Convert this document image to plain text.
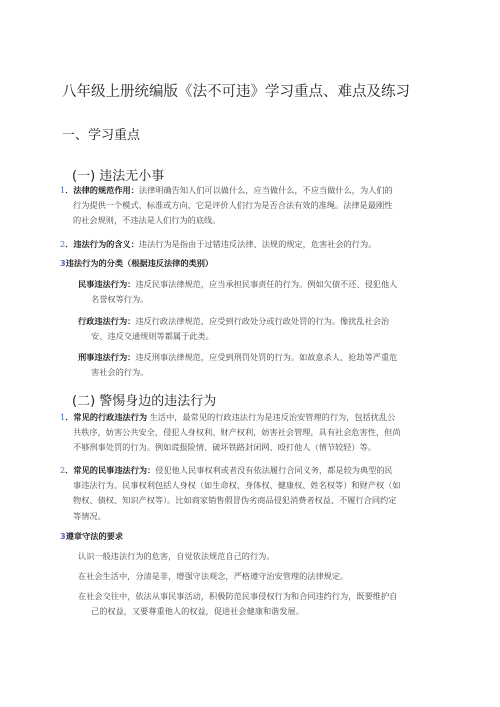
八年级上册统编版《法不可违》学习重点、难点及练习
一、学习重点
(一) 违法无小事
1．法律的规范作用：法律明确告知人们可以做什么，应当做什么，不应当做什么，为人们的
行为提供一个模式、标准或方向，它是评价人们行为是否合法有效的准绳。法律是最刚性
的社会规则，不违法是人们行为的底线。
2．违法行为的含义：违法行为是指由于过错违反法律、法规的规定，危害社会的行为。
3违法行为的分类（根据违反法律的类别）
民事违法行为：违反民事法律规范，应当承担民事责任的行为。例如欠债不还、侵犯他人
名誉权等行为。
行政违法行为：违反行政法律规范，应受到行政处分或行政处罚的行为。像扰乱社会治
安、违反交通规则等都属于此类。
刑事违法行为：违反刑事法律规范，应受到刑罚处罚的行为。如故意杀人、抢劫等严重危
害社会的行为。
(二) 警惕身边的违法行为
1．常见的行政违法行为 生活中，最常见的行政违法行为是违反治安管理的行为，包括扰乱公
共秩序，妨害公共安全，侵犯人身权利、财产权利，妨害社会管理，具有社会危害性，但尚
不够刑事处罚的行为。例如谎报险情、破坏铁路封闭网、殴打他人（情节较轻）等。
2．常见的民事违法行为：侵犯他人民事权利或者没有依法履行合同义务，都是较为典型的民
事违法行为。民事权利包括人身权（如生命权、身体权、健康权、姓名权等）和财产权（如
物权、债权、知识产权等）。比如商家销售假冒伪劣商品侵犯消费者权益、不履行合同约定
等情况。
3遵章守法的要求
认识一般违法行为的危害，自觉依法规范自己的行为。
在社会生活中，分清是非，增强守法观念，严格遵守治安管理的法律规定。
在社会交往中，依法从事民事活动，积极防范民事侵权行为和合同违约行为，既要维护自
己的权益，又要尊重他人的权益，促进社会健康和谐发展。
